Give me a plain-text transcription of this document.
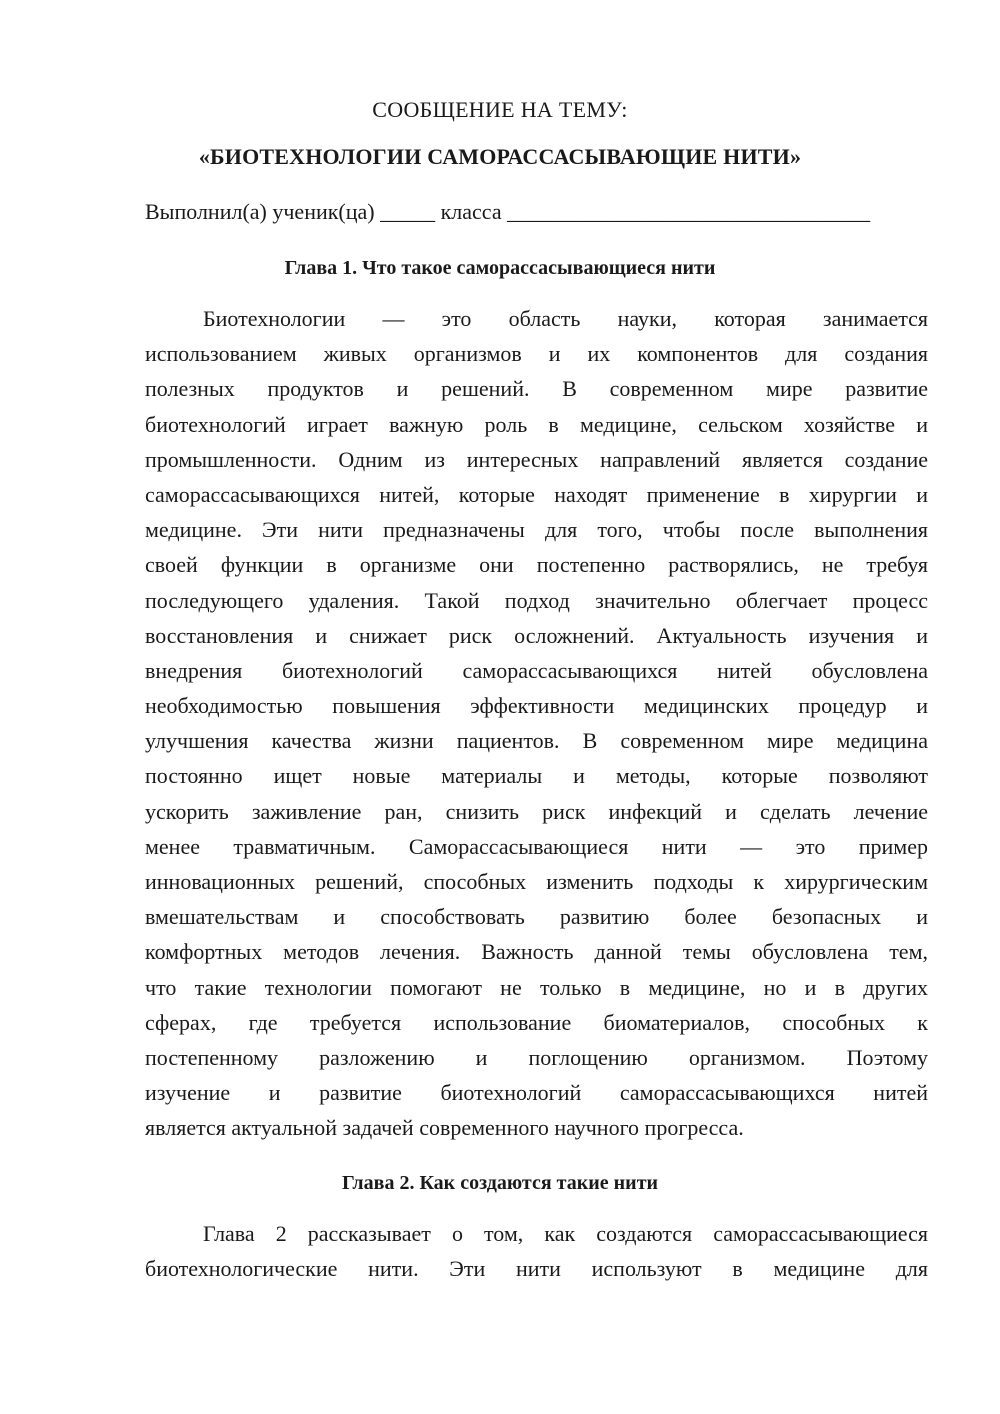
СООБЩЕНИЕ НА ТЕМУ:
«БИОТЕХНОЛОГИИ САМОРАССАСЫВАЮЩИЕ НИТИ»
Выполнил(а) ученик(ца) _____ класса _________________________________
Глава 1. Что такое саморассасывающиеся нити
Биотехнологии — это область науки, которая занимается
использованием живых организмов и их компонентов для создания
полезных продуктов и решений. В современном мире развитие
биотехнологий играет важную роль в медицине, сельском хозяйстве и
промышленности. Одним из интересных направлений является создание
саморассасывающихся нитей, которые находят применение в хирургии и
медицине. Эти нити предназначены для того, чтобы после выполнения
своей функции в организме они постепенно растворялись, не требуя
последующего удаления. Такой подход значительно облегчает процесс
восстановления и снижает риск осложнений. Актуальность изучения и
внедрения биотехнологий саморассасывающихся нитей обусловлена
необходимостью повышения эффективности медицинских процедур и
улучшения качества жизни пациентов. В современном мире медицина
постоянно ищет новые материалы и методы, которые позволяют
ускорить заживление ран, снизить риск инфекций и сделать лечение
менее травматичным. Саморассасывающиеся нити — это пример
инновационных решений, способных изменить подходы к хирургическим
вмешательствам и способствовать развитию более безопасных и
комфортных методов лечения. Важность данной темы обусловлена тем,
что такие технологии помогают не только в медицине, но и в других
сферах, где требуется использование биоматериалов, способных к
постепенному разложению и поглощению организмом. Поэтому
изучение и развитие биотехнологий саморассасывающихся нитей
является актуальной задачей современного научного прогресса.
Глава 2. Как создаются такие нити
Глава 2 рассказывает о том, как создаются саморассасывающиеся
биотехнологические нити. Эти нити используют в медицине для
